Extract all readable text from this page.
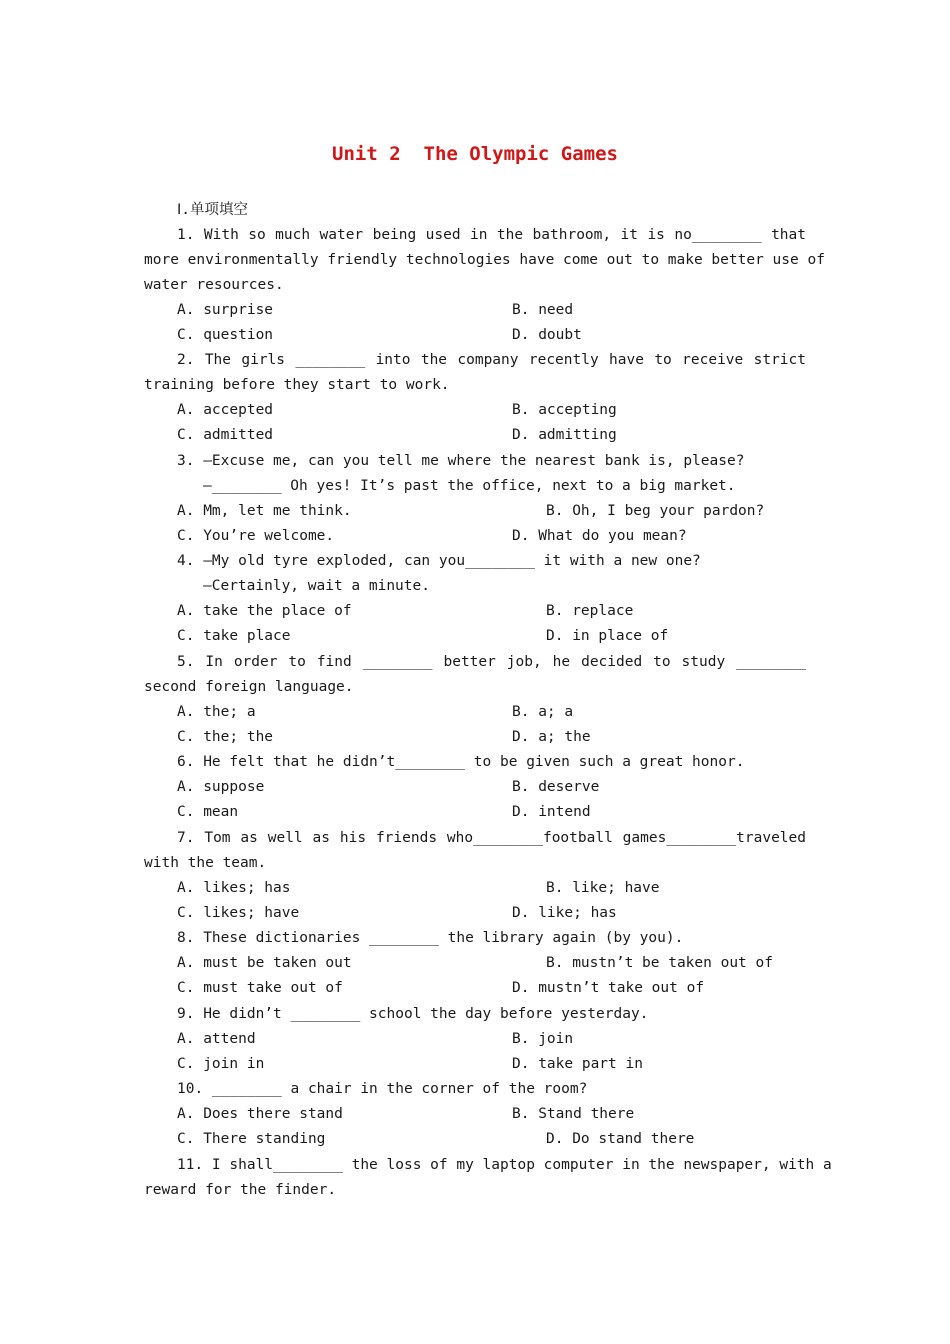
Unit 2  The Olympic Games
Ⅰ.单项填空
1. With so much water being used in the bathroom, it is no________ that
more environmentally friendly technologies have come out to make better use of
water resources.
A. surprise	B. need
C. question	D. doubt
2. The girls ________ into the company recently have to receive strict
training before they start to work.
A. accepted	B. accepting
C. admitted	D. admitting
3. —Excuse me, can you tell me where the nearest bank is, please?
—________ Oh yes! It’s past the office, next to a big market.
A. Mm, let me think.	B. Oh, I beg your pardon?
C. You’re welcome.	D. What do you mean?
4. —My old tyre exploded, can you________ it with a new one?
—Certainly, wait a minute.
A. take the place of	B. replace
C. take place	D. in place of
5. In order to find ________ better job, he decided to study ________
second foreign language.
A. the; a	B. a; a
C. the; the	D. a; the
6. He felt that he didn’t________ to be given such a great honor.
A. suppose	B. deserve
C. mean	D. intend
7. Tom as well as his friends who________football games________traveled
with the team.
A. likes; has	B. like; have
C. likes; have	D. like; has
8. These dictionaries ________ the library again (by you).
A. must be taken out	B. mustn’t be taken out of
C. must take out of	D. mustn’t take out of
9. He didn’t ________ school the day before yesterday.
A. attend	B. join
C. join in	D. take part in
10. ________ a chair in the corner of the room?
A. Does there stand	B. Stand there
C. There standing	D. Do stand there
11. I shall________ the loss of my laptop computer in the newspaper, with a
reward for the finder.
